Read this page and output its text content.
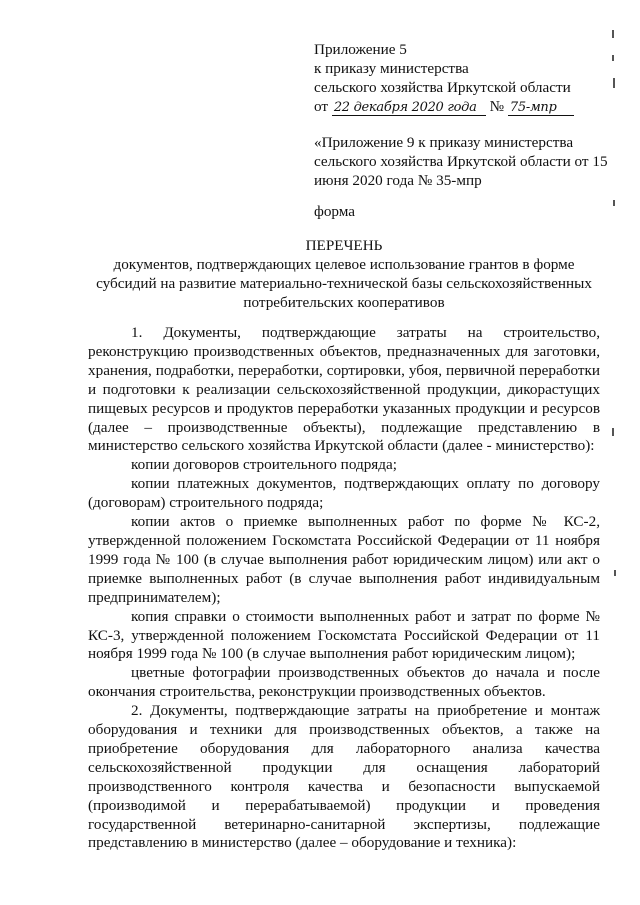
Приложение 5
к приказу министерства
сельского хозяйства Иркутской области
от 22 декабря 2020 года № 75-мпр
«Приложение 9 к приказу министерства сельского хозяйства Иркутской области от 15 июня 2020 года № 35-мпр
форма
ПЕРЕЧЕНЬ
документов, подтверждающих целевое использование грантов в форме субсидий на развитие материально-технической базы сельскохозяйственных потребительских кооперативов

1. Документы, подтверждающие затраты на строительство, реконструкцию производственных объектов, предназначенных для заготовки, хранения, подработки, переработки, сортировки, убоя, первичной переработки и подготовки к реализации сельскохозяйственной продукции, дикорастущих пищевых ресурсов и продуктов переработки указанных продукции и ресурсов (далее – производственные объекты), подлежащие представлению в министерство сельского хозяйства Иркутской области (далее - министерство):

копии договоров строительного подряда;

копии платежных документов, подтверждающих оплату по договору (договорам) строительного подряда;

копии актов о приемке выполненных работ по форме № КС-2, утвержденной положением Госкомстата Российской Федерации от 11 ноября 1999 года № 100 (в случае выполнения работ юридическим лицом) или акт о приемке выполненных работ (в случае выполнения работ индивидуальным предпринимателем);

копия справки о стоимости выполненных работ и затрат по форме № КС-3, утвержденной положением Госкомстата Российской Федерации от 11 ноября 1999 года № 100 (в случае выполнения работ юридическим лицом);

цветные фотографии производственных объектов до начала и после окончания строительства, реконструкции производственных объектов.

2. Документы, подтверждающие затраты на приобретение и монтаж оборудования и техники для производственных объектов, а также на приобретение оборудования для лабораторного анализа качества сельскохозяйственной продукции для оснащения лабораторий производственного контроля качества и безопасности выпускаемой (производимой и перерабатываемой) продукции и проведения государственной ветеринарно-санитарной экспертизы, подлежащие представлению в министерство (далее – оборудование и техника):
